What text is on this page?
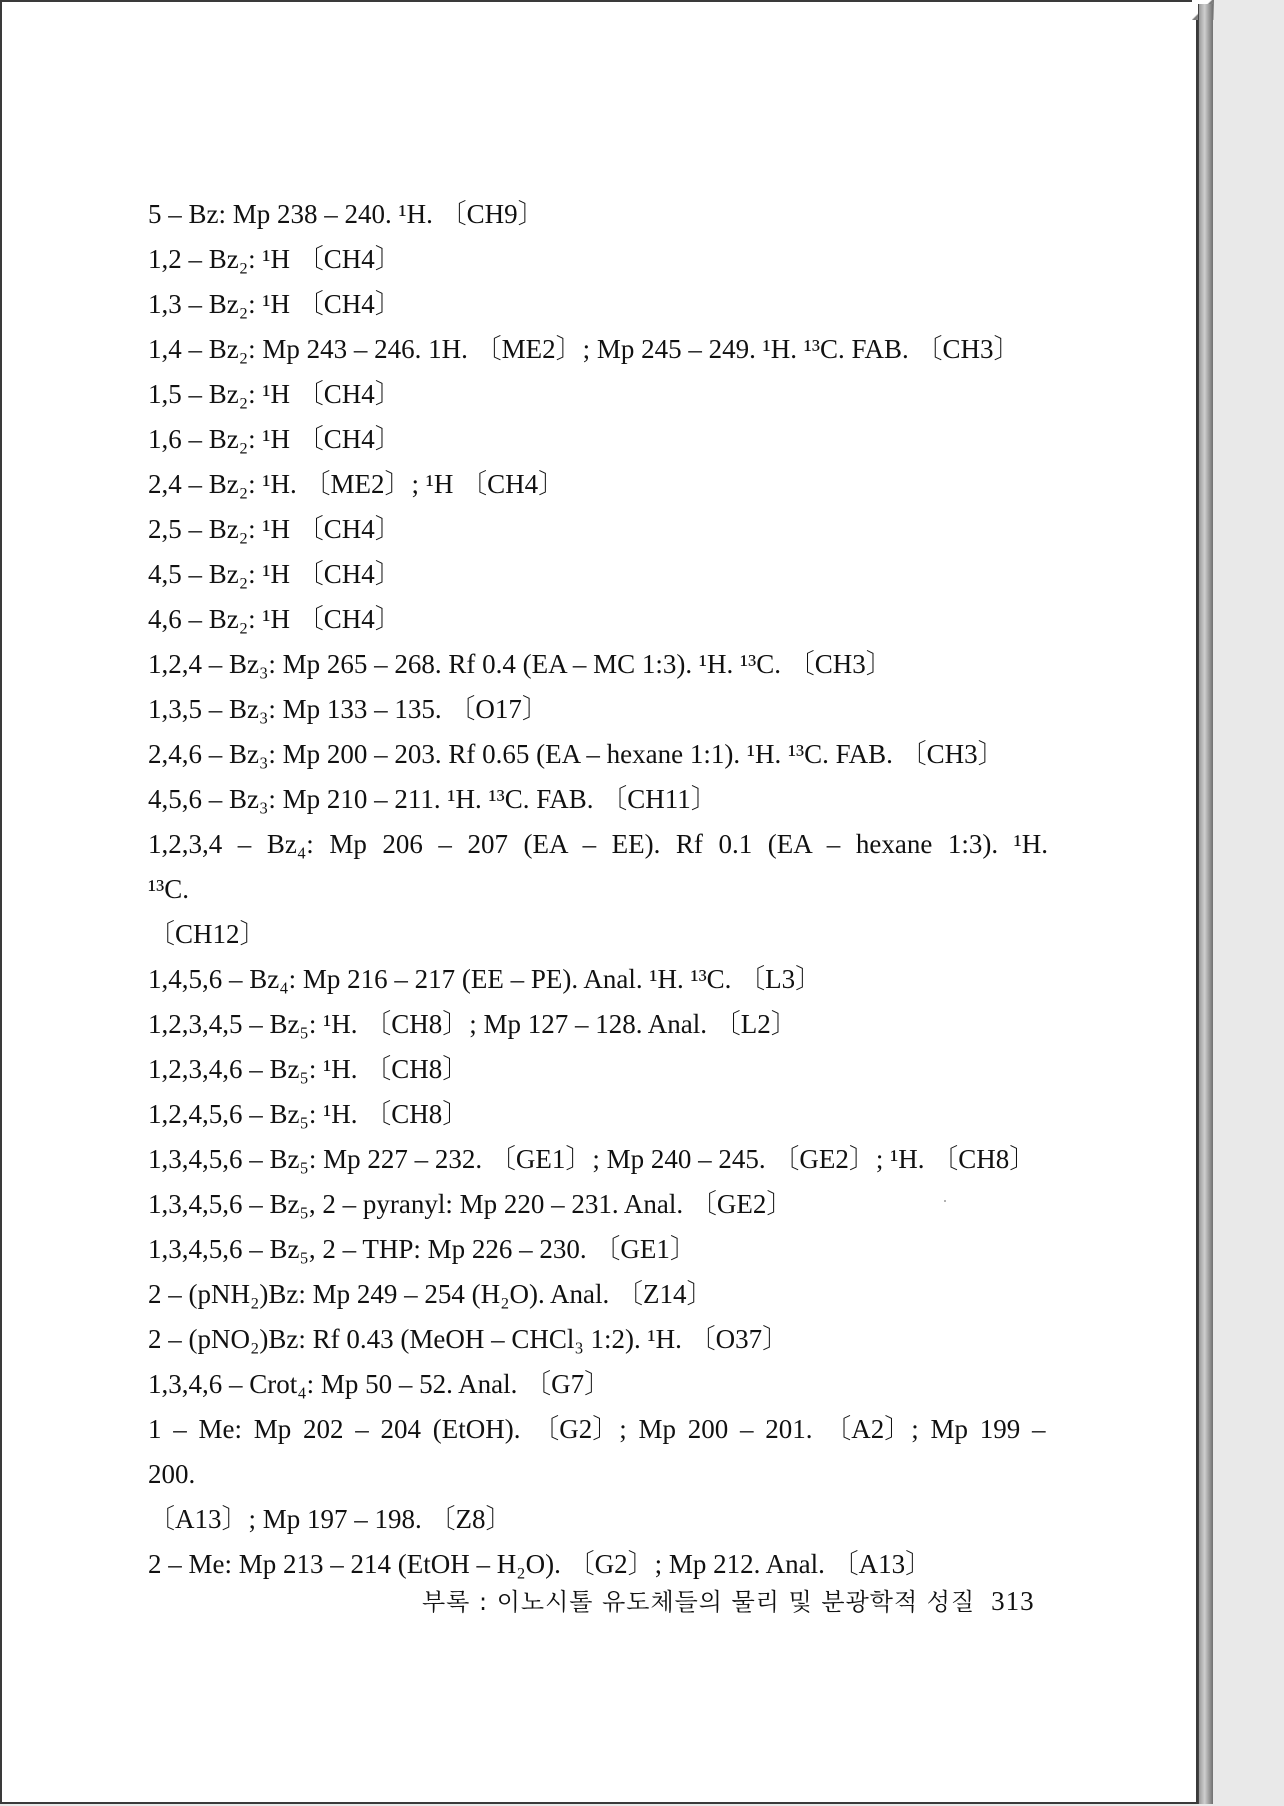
5 – Bz: Mp 238 – 240. ¹H. 〔CH9〕
1,2 – Bz₂: ¹H 〔CH4〕
1,3 – Bz₂: ¹H 〔CH4〕
1,4 – Bz₂: Mp 243 – 246. 1H. 〔ME2〕; Mp 245 – 249. ¹H. ¹³C. FAB. 〔CH3〕
1,5 – Bz₂: ¹H 〔CH4〕
1,6 – Bz₂: ¹H 〔CH4〕
2,4 – Bz₂: ¹H. 〔ME2〕; ¹H 〔CH4〕
2,5 – Bz₂: ¹H 〔CH4〕
4,5 – Bz₂: ¹H 〔CH4〕
4,6 – Bz₂: ¹H 〔CH4〕
1,2,4 – Bz₃: Mp 265 – 268. Rf 0.4 (EA – MC 1:3). ¹H. ¹³C. 〔CH3〕
1,3,5 – Bz₃: Mp 133 – 135. 〔O17〕
2,4,6 – Bz₃: Mp 200 – 203. Rf 0.65 (EA – hexane 1:1). ¹H. ¹³C. FAB. 〔CH3〕
4,5,6 – Bz₃: Mp 210 – 211. ¹H. ¹³C. FAB. 〔CH11〕
1,2,3,4 – Bz₄: Mp 206 – 207 (EA – EE). Rf 0.1 (EA – hexane 1:3). ¹H. ¹³C.
〔CH12〕
1,4,5,6 – Bz₄: Mp 216 – 217 (EE – PE). Anal. ¹H. ¹³C. 〔L3〕
1,2,3,4,5 – Bz₅: ¹H. 〔CH8〕; Mp 127 – 128. Anal. 〔L2〕
1,2,3,4,6 – Bz₅: ¹H. 〔CH8〕
1,2,4,5,6 – Bz₅: ¹H. 〔CH8〕
1,3,4,5,6 – Bz₅: Mp 227 – 232. 〔GE1〕; Mp 240 – 245. 〔GE2〕; ¹H. 〔CH8〕
1,3,4,5,6 – Bz₅, 2 – pyranyl: Mp 220 – 231. Anal. 〔GE2〕
1,3,4,5,6 – Bz₅, 2 – THP: Mp 226 – 230. 〔GE1〕
2 – (pNH₂)Bz: Mp 249 – 254 (H₂O). Anal. 〔Z14〕
2 – (pNO₂)Bz: Rf 0.43 (MeOH – CHCl₃ 1:2). ¹H. 〔O37〕
1,3,4,6 – Crot₄: Mp 50 – 52. Anal. 〔G7〕
1 – Me: Mp 202 – 204 (EtOH). 〔G2〕; Mp 200 – 201. 〔A2〕; Mp 199 – 200.
〔A13〕; Mp 197 – 198. 〔Z8〕
2 – Me: Mp 213 – 214 (EtOH – H₂O). 〔G2〕; Mp 212. Anal. 〔A13〕
부록 : 이노시톨 유도체들의 물리 및 분광학적 성질 313
